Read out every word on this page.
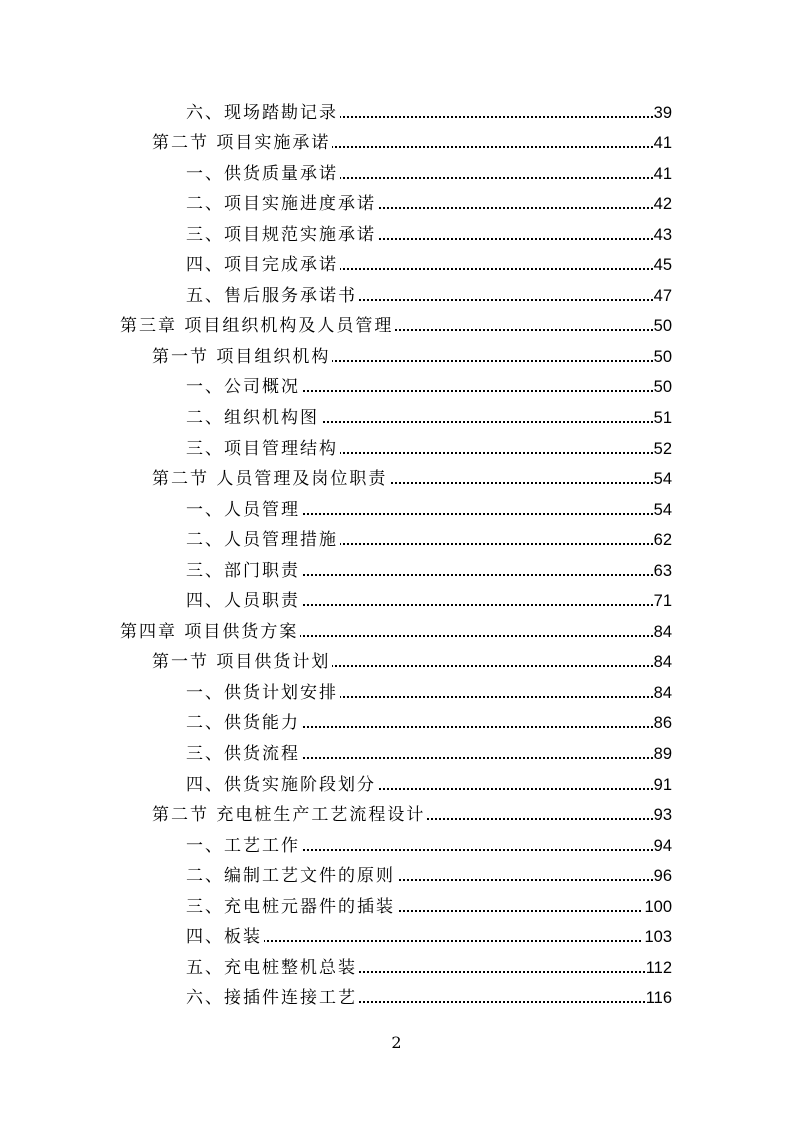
六、现场踏勘记录	39
第二节 项目实施承诺	41
一、供货质量承诺	41
二、项目实施进度承诺	42
三、项目规范实施承诺	43
四、项目完成承诺	45
五、售后服务承诺书	47
第三章 项目组织机构及人员管理	50
第一节 项目组织机构	50
一、公司概况	50
二、组织机构图	51
三、项目管理结构	52
第二节 人员管理及岗位职责	54
一、人员管理	54
二、人员管理措施	62
三、部门职责	63
四、人员职责	71
第四章 项目供货方案	84
第一节 项目供货计划	84
一、供货计划安排	84
二、供货能力	86
三、供货流程	89
四、供货实施阶段划分	91
第二节 充电桩生产工艺流程设计	93
一、工艺工作	94
二、编制工艺文件的原则	96
三、充电桩元器件的插装	100
四、板装	103
五、充电桩整机总装	112
六、接插件连接工艺	116
2
